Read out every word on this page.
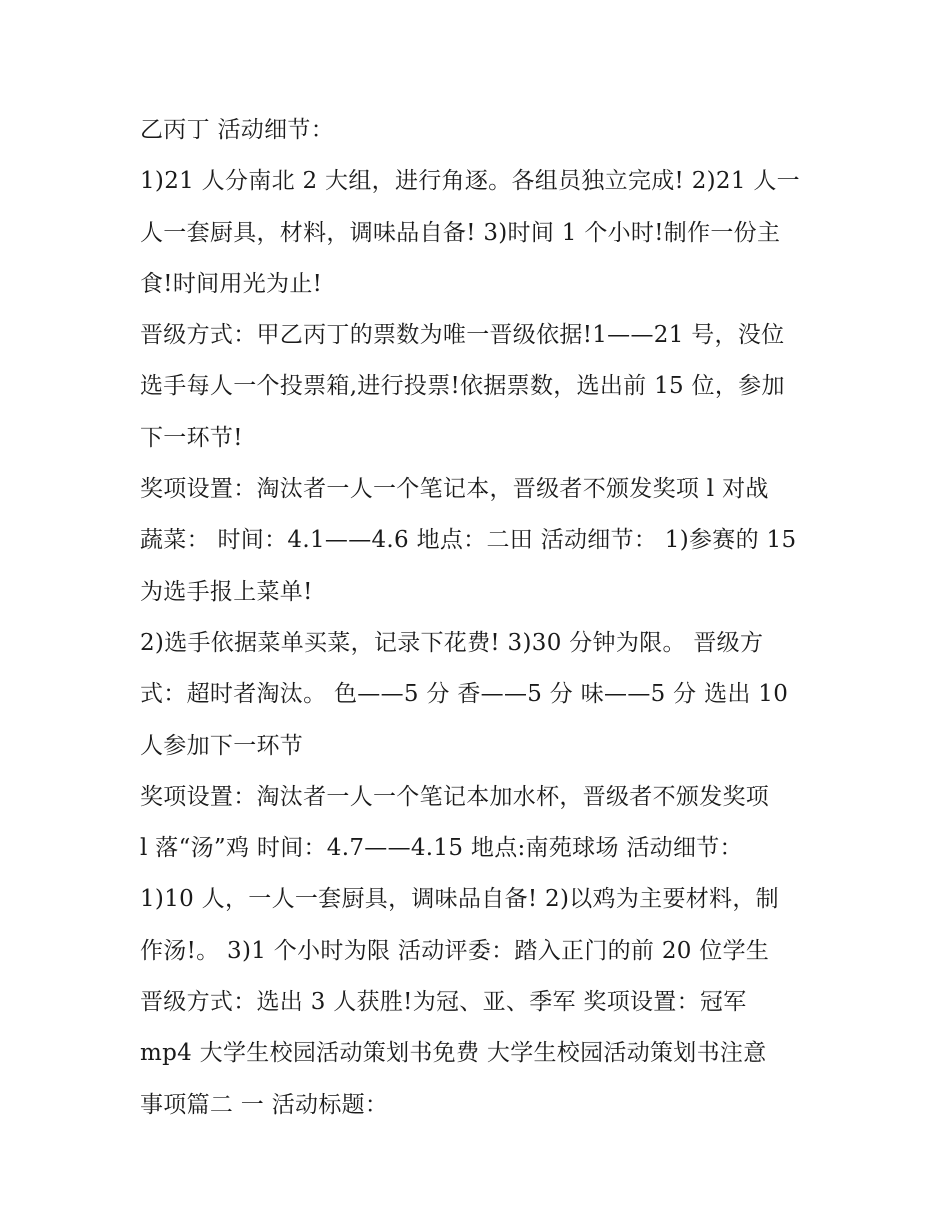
乙丙丁 活动细节：
1)21 人分南北 2 大组，进行角逐。各组员独立完成! 2)21 人一
人一套厨具，材料，调味品自备! 3)时间 1 个小时!制作一份主
食!时间用光为止!
晋级方式：甲乙丙丁的票数为唯一晋级依据!1——21 号，没位
选手每人一个投票箱,进行投票!依据票数，选出前 15 位，参加
下一环节!
奖项设置：淘汰者一人一个笔记本，晋级者不颁发奖项 l 对战
蔬菜： 时间：4.1——4.6 地点：二田 活动细节： 1)参赛的 15
为选手报上菜单!
2)选手依据菜单买菜，记录下花费! 3)30 分钟为限。 晋级方
式：超时者淘汰。 色——5 分 香——5 分 味——5 分 选出 10
人参加下一环节
奖项设置：淘汰者一人一个笔记本加水杯，晋级者不颁发奖项
l 落“汤”鸡 时间：4.7——4.15 地点:南苑球场 活动细节：
1)10 人，一人一套厨具，调味品自备! 2)以鸡为主要材料，制
作汤!。 3)1 个小时为限 活动评委：踏入正门的前 20 位学生
晋级方式：选出 3 人获胜!为冠、亚、季军 奖项设置：冠军
mp4 大学生校园活动策划书免费 大学生校园活动策划书注意
事项篇二 一 活动标题：
